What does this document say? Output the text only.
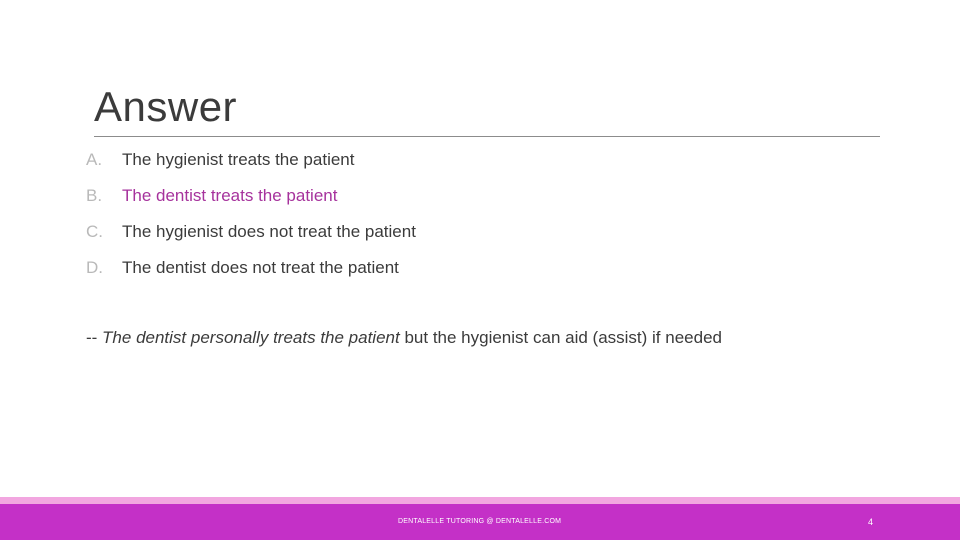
Answer
A. The hygienist treats the patient
B. The dentist treats the patient
C. The hygienist does not treat the patient
D. The dentist does not treat the patient
-- The dentist personally treats the patient but the hygienist can aid (assist) if needed
DENTALELLE TUTORING @ DENTALELLE.COM	4
